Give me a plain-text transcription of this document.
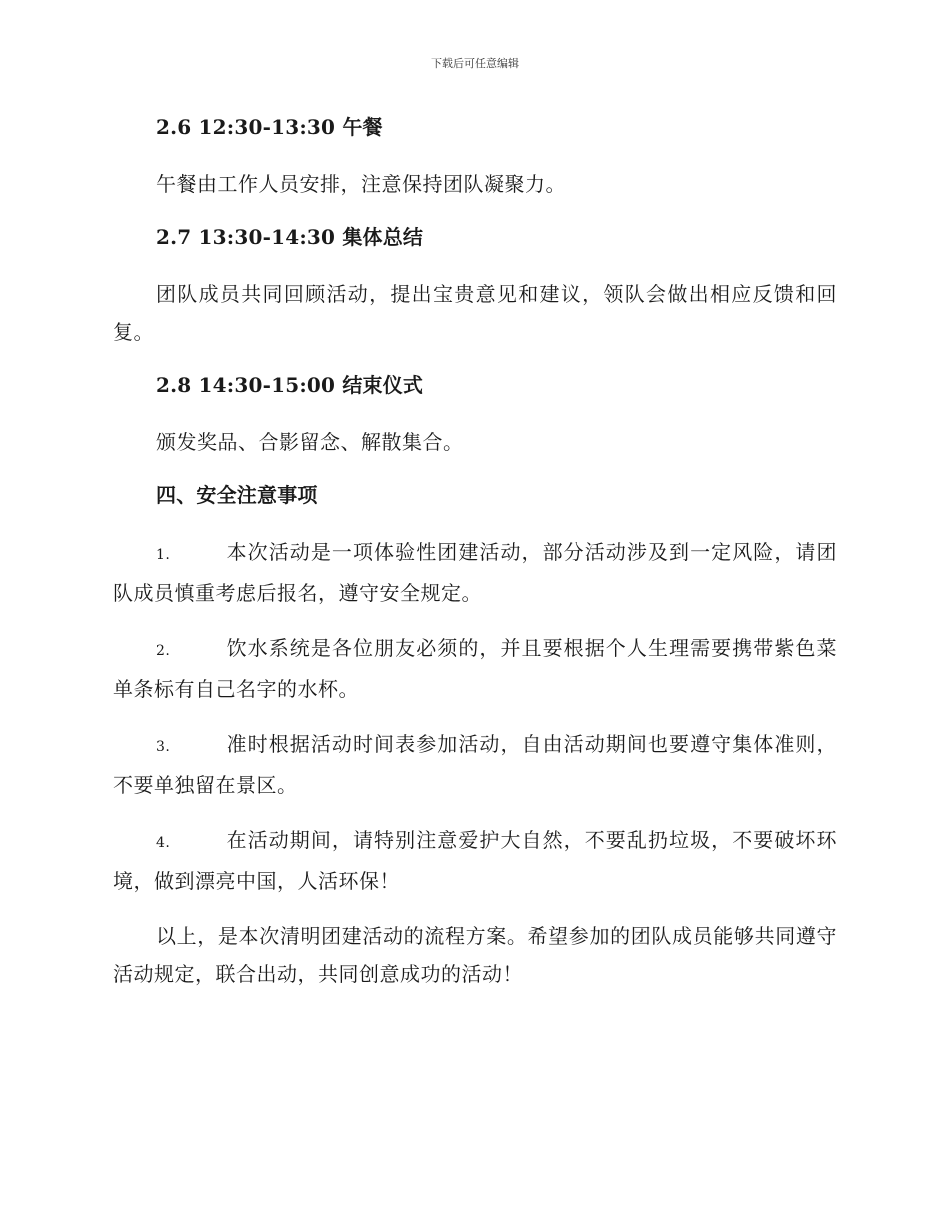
下载后可任意编辑
2.6 12:30-13:30 午餐
午餐由工作人员安排，注意保持团队凝聚力。
2.7 13:30-14:30 集体总结
团队成员共同回顾活动，提出宝贵意见和建议，领队会做出相应反馈和回复。
2.8 14:30-15:00 结束仪式
颁发奖品、合影留念、解散集合。
四、安全注意事项
1.	本次活动是一项体验性团建活动，部分活动涉及到一定风险，请团队成员慎重考虑后报名，遵守安全规定。
2.	饮水系统是各位朋友必须的，并且要根据个人生理需要携带紫色菜单条标有自己名字的水杯。
3.	准时根据活动时间表参加活动，自由活动期间也要遵守集体准则，不要单独留在景区。
4.	在活动期间，请特别注意爱护大自然，不要乱扔垃圾，不要破坏环境，做到漂亮中国，人活环保！
以上，是本次清明团建活动的流程方案。希望参加的团队成员能够共同遵守活动规定，联合出动，共同创意成功的活动！
